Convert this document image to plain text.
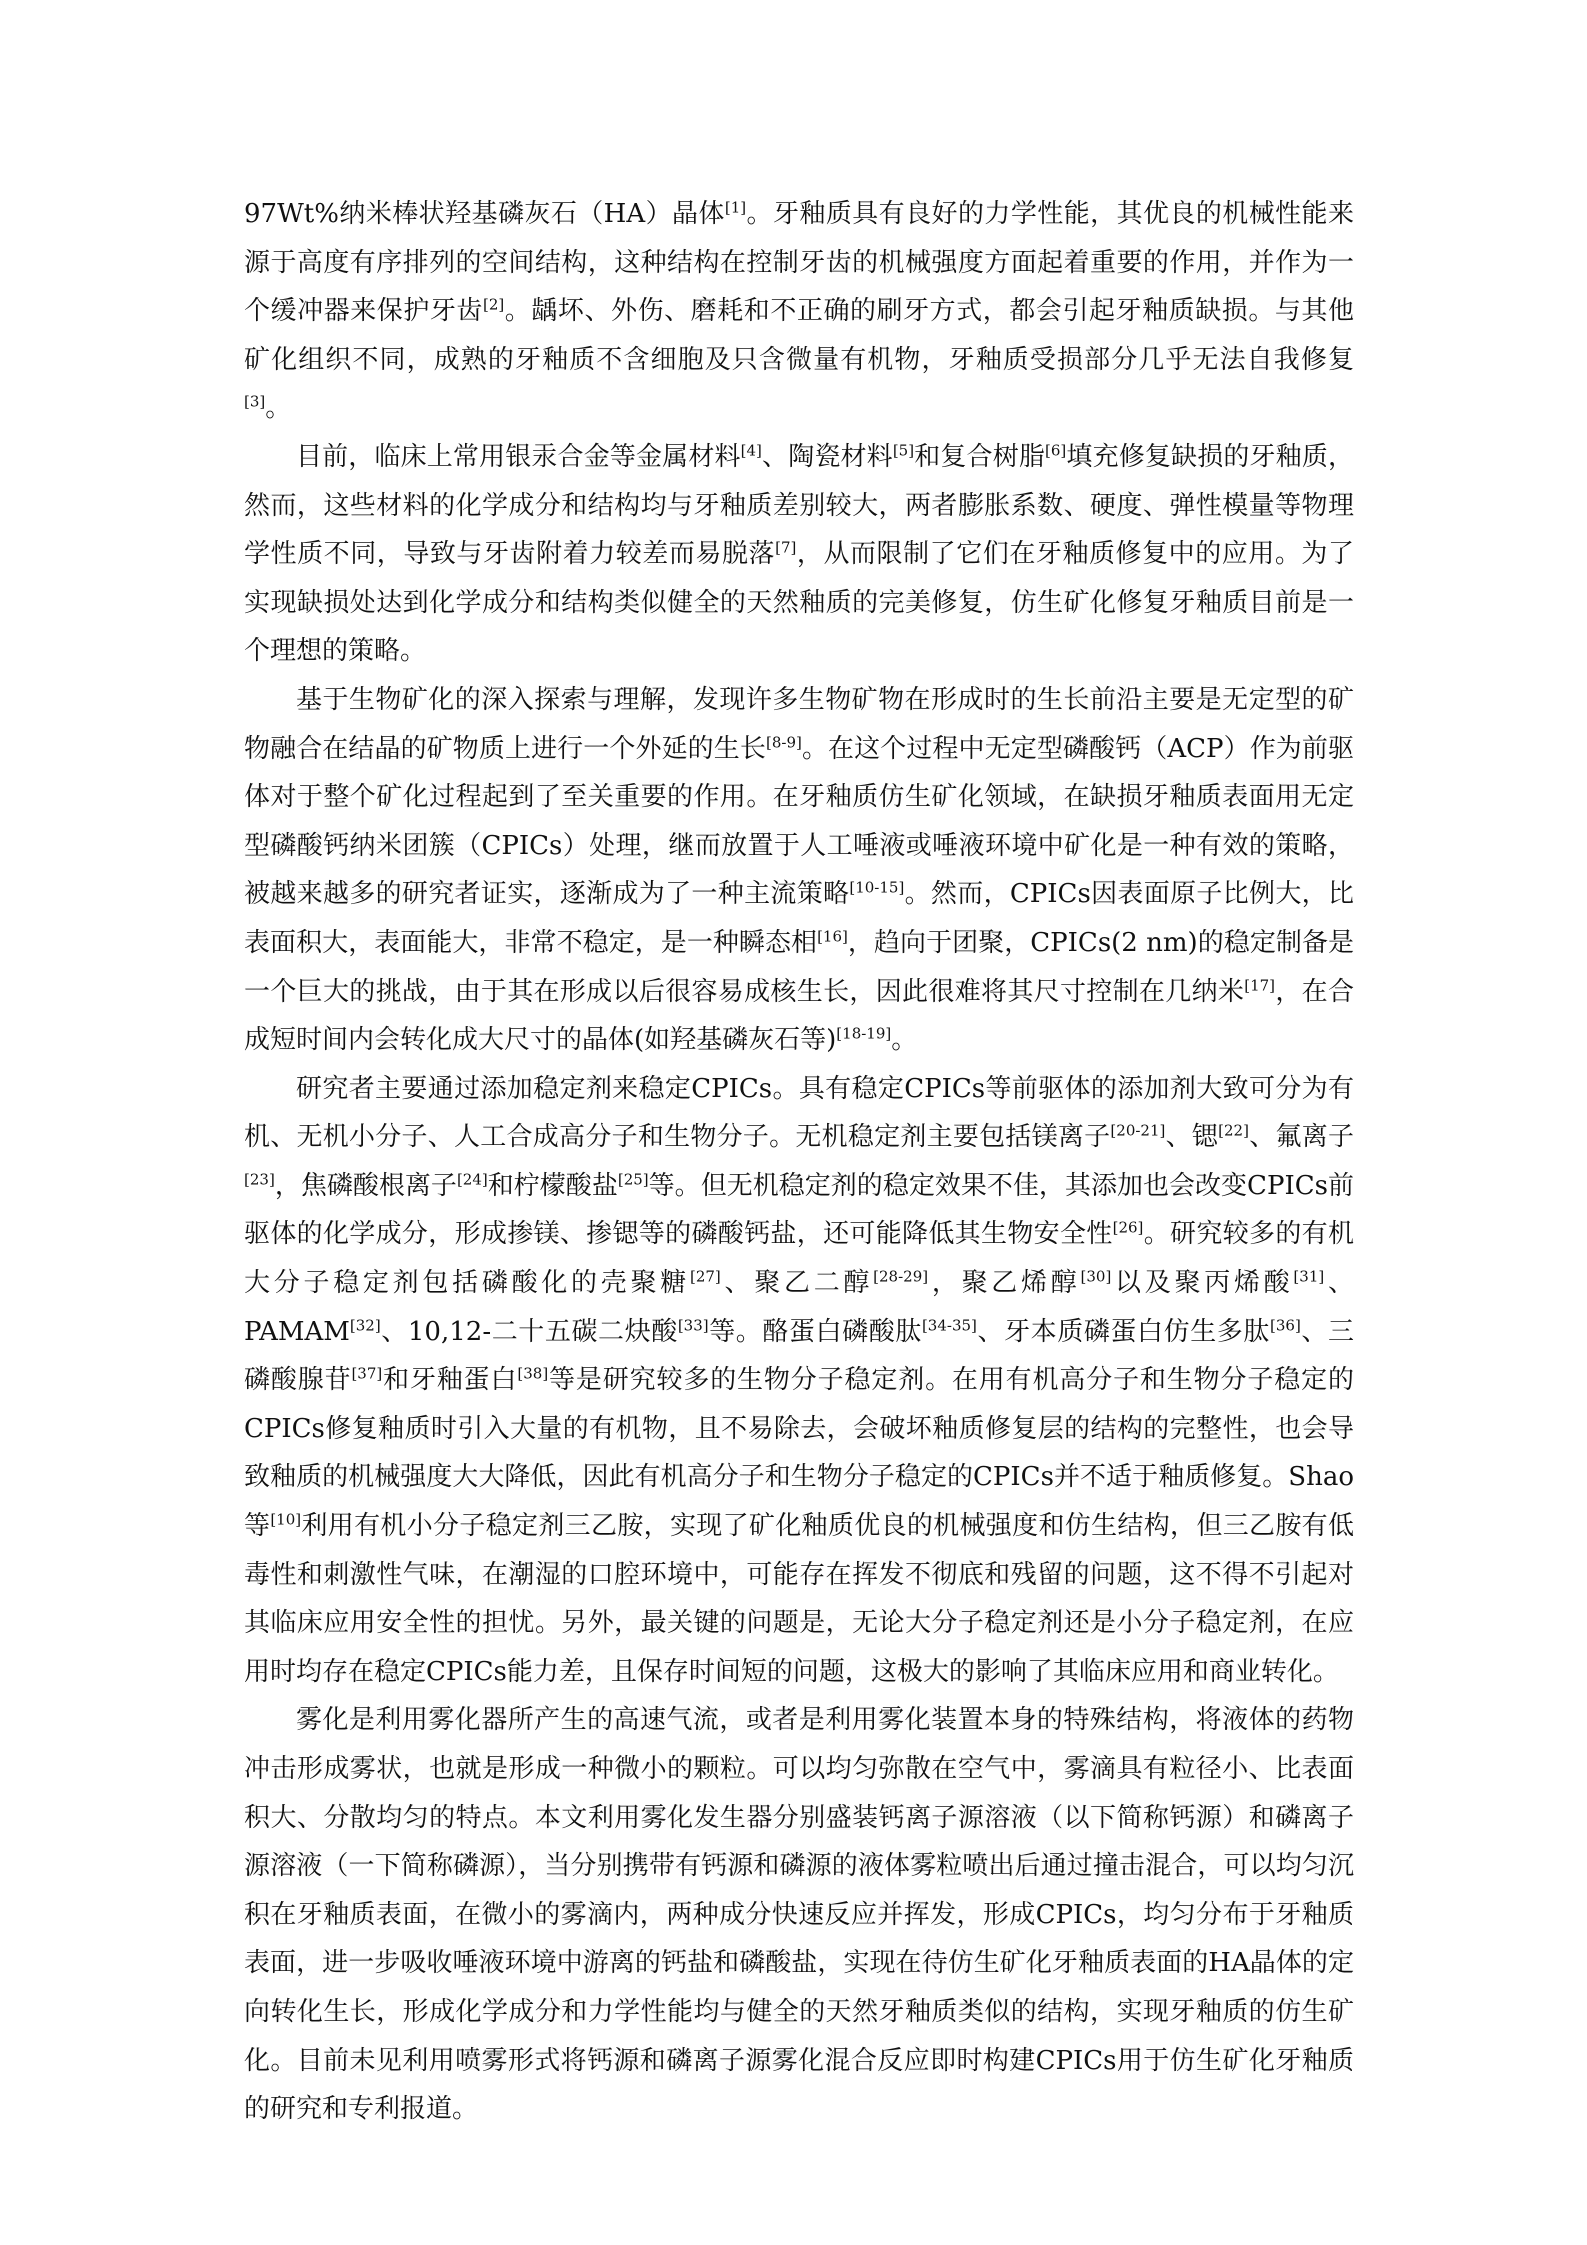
97Wt%纳米棒状羟基磷灰石（HA）晶体[1]。牙釉质具有良好的力学性能，其优良的机械性能来源于高度有序排列的空间结构，这种结构在控制牙齿的机械强度方面起着重要的作用，并作为一个缓冲器来保护牙齿[2]。龋坏、外伤、磨耗和不正确的刷牙方式，都会引起牙釉质缺损。与其他矿化组织不同，成熟的牙釉质不含细胞及只含微量有机物，牙釉质受损部分几乎无法自我修复[3]。

目前，临床上常用银汞合金等金属材料[4]、陶瓷材料[5]和复合树脂[6]填充修复缺损的牙釉质，然而，这些材料的化学成分和结构均与牙釉质差别较大，两者膨胀系数、硬度、弹性模量等物理学性质不同，导致与牙齿附着力较差而易脱落[7]，从而限制了它们在牙釉质修复中的应用。为了实现缺损处达到化学成分和结构类似健全的天然釉质的完美修复，仿生矿化修复牙釉质目前是一个理想的策略。

基于生物矿化的深入探索与理解，发现许多生物矿物在形成时的生长前沿主要是无定型的矿物融合在结晶的矿物质上进行一个外延的生长[8-9]。在这个过程中无定型磷酸钙（ACP）作为前驱体对于整个矿化过程起到了至关重要的作用。在牙釉质仿生矿化领域，在缺损牙釉质表面用无定型磷酸钙纳米团簇（CPICs）处理，继而放置于人工唾液或唾液环境中矿化是一种有效的策略，被越来越多的研究者证实，逐渐成为了一种主流策略[10-15]。然而，CPICs因表面原子比例大，比表面积大，表面能大，非常不稳定，是一种瞬态相[16]，趋向于团聚，CPICs(2 nm)的稳定制备是一个巨大的挑战，由于其在形成以后很容易成核生长，因此很难将其尺寸控制在几纳米[17]，在合成短时间内会转化成大尺寸的晶体(如羟基磷灰石等)[18-19]。

研究者主要通过添加稳定剂来稳定CPICs。具有稳定CPICs等前驱体的添加剂大致可分为有机、无机小分子、人工合成高分子和生物分子。无机稳定剂主要包括镁离子[20-21]、锶[22]、氟离子[23]，焦磷酸根离子[24]和柠檬酸盐[25]等。但无机稳定剂的稳定效果不佳，其添加也会改变CPICs前驱体的化学成分，形成掺镁、掺锶等的磷酸钙盐，还可能降低其生物安全性[26]。研究较多的有机大分子稳定剂包括磷酸化的壳聚糖[27]、聚乙二醇[28-29]，聚乙烯醇[30]以及聚丙烯酸[31]、PAMAM[32]、10,12-二十五碳二炔酸[33]等。酪蛋白磷酸肽[34-35]、牙本质磷蛋白仿生多肽[36]、三磷酸腺苷[37]和牙釉蛋白[38]等是研究较多的生物分子稳定剂。在用有机高分子和生物分子稳定的CPICs修复釉质时引入大量的有机物，且不易除去，会破坏釉质修复层的结构的完整性，也会导致釉质的机械强度大大降低，因此有机高分子和生物分子稳定的CPICs并不适于釉质修复。Shao等[10]利用有机小分子稳定剂三乙胺，实现了矿化釉质优良的机械强度和仿生结构，但三乙胺有低毒性和刺激性气味，在潮湿的口腔环境中，可能存在挥发不彻底和残留的问题，这不得不引起对其临床应用安全性的担忧。另外，最关键的问题是，无论大分子稳定剂还是小分子稳定剂，在应用时均存在稳定CPICs能力差，且保存时间短的问题，这极大的影响了其临床应用和商业转化。

雾化是利用雾化器所产生的高速气流，或者是利用雾化装置本身的特殊结构，将液体的药物冲击形成雾状，也就是形成一种微小的颗粒。可以均匀弥散在空气中，雾滴具有粒径小、比表面积大、分散均匀的特点。本文利用雾化发生器分别盛装钙离子源溶液（以下简称钙源）和磷离子源溶液（一下简称磷源），当分别携带有钙源和磷源的液体雾粒喷出后通过撞击混合，可以均匀沉积在牙釉质表面，在微小的雾滴内，两种成分快速反应并挥发，形成CPICs，均匀分布于牙釉质表面，进一步吸收唾液环境中游离的钙盐和磷酸盐，实现在待仿生矿化牙釉质表面的HA晶体的定向转化生长，形成化学成分和力学性能均与健全的天然牙釉质类似的结构，实现牙釉质的仿生矿化。目前未见利用喷雾形式将钙源和磷离子源雾化混合反应即时构建CPICs用于仿生矿化牙釉质的研究和专利报道。
